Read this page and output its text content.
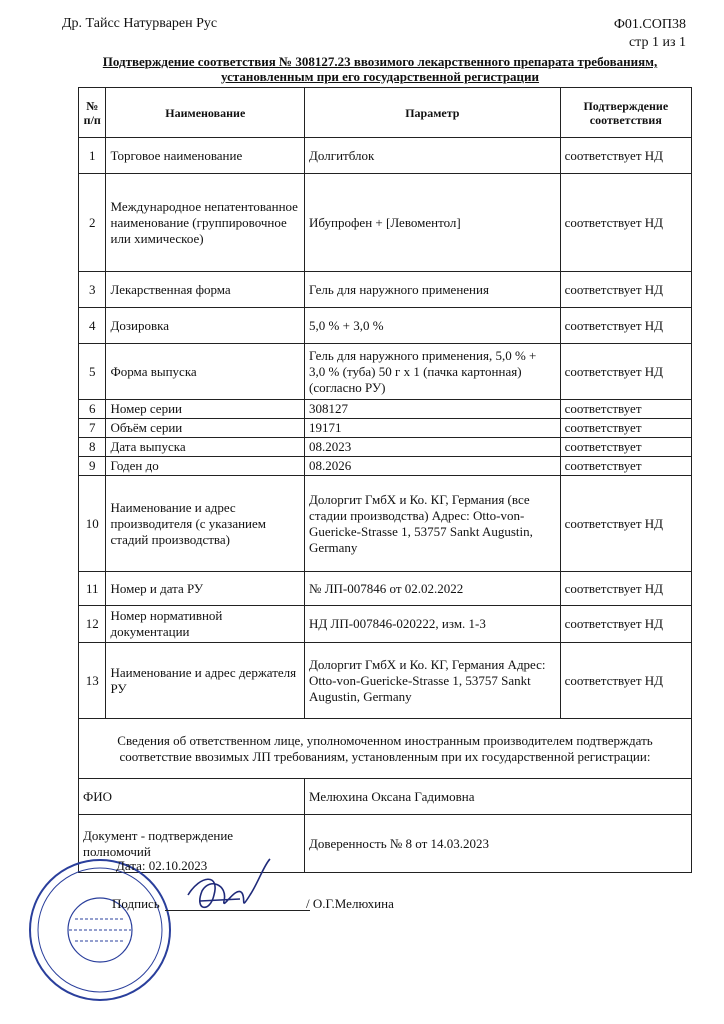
Др. Тайсс Натурварен Рус	Ф01.СОП38
стр 1 из 1
Подтверждение соответствия № 308127.23 ввозимого лекарственного препарата требованиям,
установленным при его государственной регистрации
№ п/п	Наименование	Параметр	Подтверждение соответствия
1	Торговое наименование	Долгитблок	соответствует НД
2	Международное непатентованное наименование (группировочное или химическое)	Ибупрофен + [Левоментол]	соответствует НД
3	Лекарственная форма	Гель для наружного применения	соответствует НД
4	Дозировка	5,0 % + 3,0 %	соответствует НД
5	Форма выпуска	Гель для наружного применения, 5,0 % + 3,0 % (туба) 50 г х 1 (пачка картонная) (согласно РУ)	соответствует НД
6	Номер серии	308127	соответствует
7	Объём серии	19171	соответствует
8	Дата выпуска	08.2023	соответствует
9	Годен до	08.2026	соответствует
10	Наименование и адрес производителя (с указанием стадий производства)	Долоргит ГмбХ и Ко. КГ, Германия (все стадии производства) Адрес: Otto-von-Guericke-Strasse 1, 53757 Sankt Augustin, Germany	соответствует НД
11	Номер и дата РУ	№ ЛП-007846 от 02.02.2022	соответствует НД
12	Номер нормативной документации	НД ЛП-007846-020222, изм. 1-3	соответствует НД
13	Наименование и адрес держателя РУ	Долоргит ГмбХ и Ко. КГ, Германия Адрес: Otto-von-Guericke-Strasse 1, 53757 Sankt Augustin, Germany	соответствует НД
Сведения об ответственном лице, уполномоченном иностранным производителем подтверждать соответствие ввозимых ЛП требованиям, установленным при их государственной регистрации:			
ФИО		Мелюхина Оксана Гадимовна	
Документ - подтверждение полномочий		Доверенность № 8 от 14.03.2023	
Дата: 02.10.2023
Подпись	/ О.Г.Мелюхина
